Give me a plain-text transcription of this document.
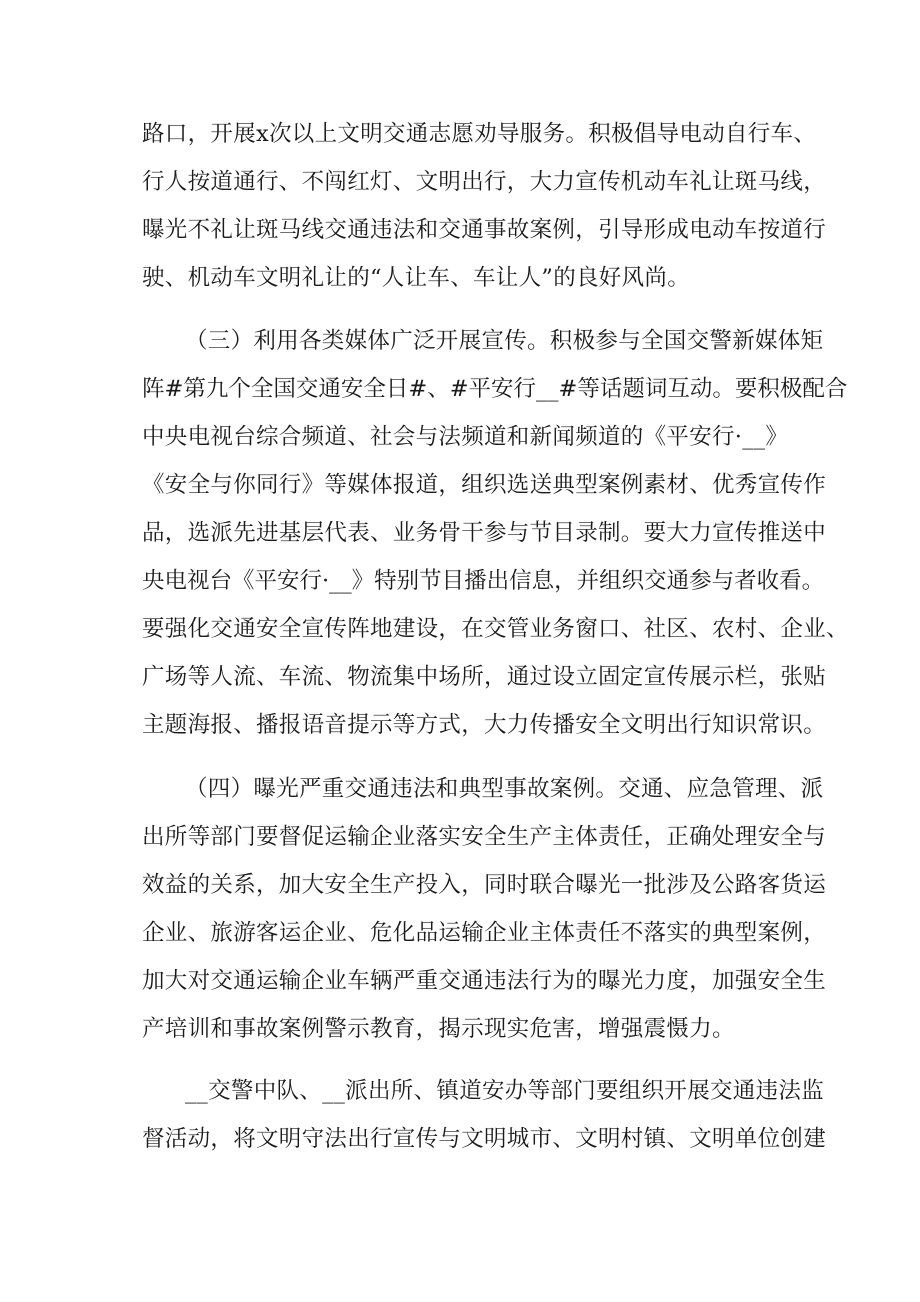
路口，开展x次以上文明交通志愿劝导服务。积极倡导电动自行车、
行人按道通行、不闯红灯、文明出行，大力宣传机动车礼让斑马线，
曝光不礼让斑马线交通违法和交通事故案例，引导形成电动车按道行
驶、机动车文明礼让的“人让车、车让人”的良好风尚。
（三）利用各类媒体广泛开展宣传。积极参与全国交警新媒体矩
阵#第九个全国交通安全日#、#平安行__#等话题词互动。要积极配合
中央电视台综合频道、社会与法频道和新闻频道的《平安行·__》
《安全与你同行》等媒体报道，组织选送典型案例素材、优秀宣传作
品，选派先进基层代表、业务骨干参与节目录制。要大力宣传推送中
央电视台《平安行·__》特别节目播出信息，并组织交通参与者收看。
要强化交通安全宣传阵地建设，在交管业务窗口、社区、农村、企业、
广场等人流、车流、物流集中场所，通过设立固定宣传展示栏，张贴
主题海报、播报语音提示等方式，大力传播安全文明出行知识常识。
（四）曝光严重交通违法和典型事故案例。交通、应急管理、派
出所等部门要督促运输企业落实安全生产主体责任，正确处理安全与
效益的关系，加大安全生产投入，同时联合曝光一批涉及公路客货运
企业、旅游客运企业、危化品运输企业主体责任不落实的典型案例，
加大对交通运输企业车辆严重交通违法行为的曝光力度，加强安全生
产培训和事故案例警示教育，揭示现实危害，增强震慑力。
__交警中队、__派出所、镇道安办等部门要组织开展交通违法监
督活动，将文明守法出行宣传与文明城市、文明村镇、文明单位创建
